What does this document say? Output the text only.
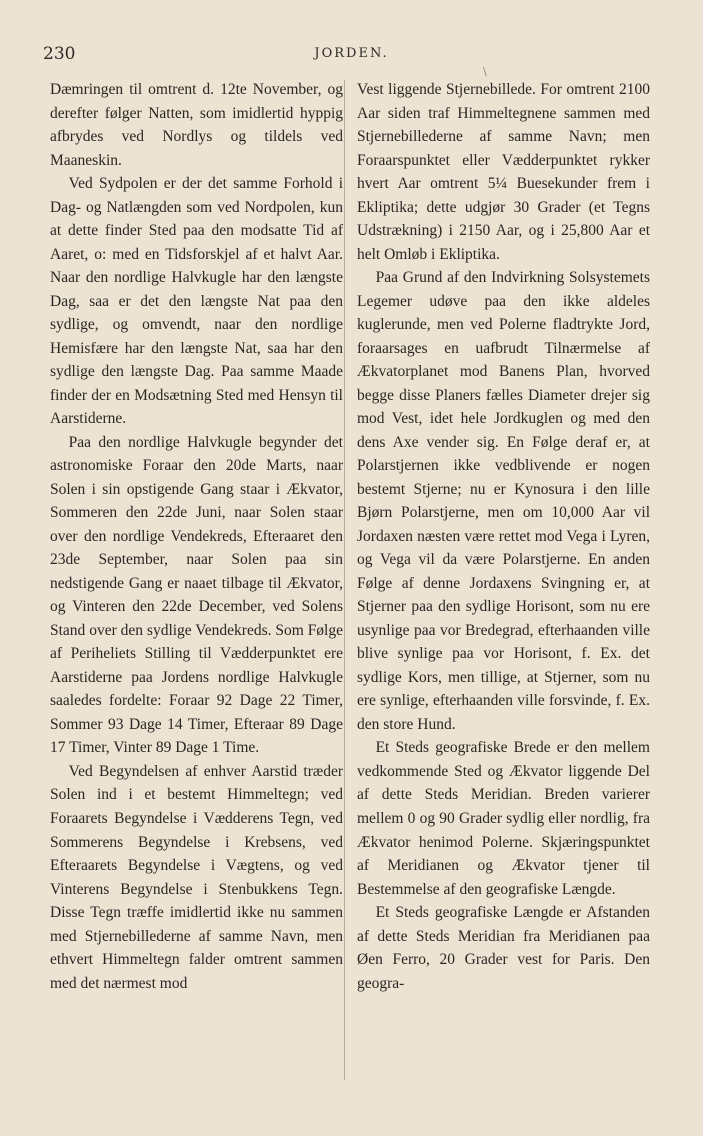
230	JORDEN.
\

Dæmringen til omtrent d. 12te November, og derefter følger Natten, som imidlertid hyppig afbrydes ved Nordlys og tildels ved Maaneskin.

Ved Sydpolen er der det samme Forhold i Dag- og Natlængden som ved Nordpolen, kun at dette finder Sted paa den modsatte Tid af Aaret, o: med en Tidsforskjel af et halvt Aar. Naar den nordlige Halvkugle har den længste Dag, saa er det den længste Nat paa den sydlige, og omvendt, naar den nordlige Hemisfære har den længste Nat, saa har den sydlige den længste Dag. Paa samme Maade finder der en Modsætning Sted med Hensyn til Aarstiderne.

Paa den nordlige Halvkugle begynder det astronomiske Foraar den 20de Marts, naar Solen i sin opstigende Gang staar i Ækvator, Sommeren den 22de Juni, naar Solen staar over den nordlige Vendekreds, Efteraaret den 23de September, naar Solen paa sin nedstigende Gang er naaet tilbage til Ækvator, og Vinteren den 22de December, ved Solens Stand over den sydlige Vendekreds. Som Følge af Periheliets Stilling til Vædderpunktet ere Aarstiderne paa Jordens nordlige Halvkugle saaledes fordelte: Foraar 92 Dage 22 Timer, Sommer 93 Dage 14 Timer, Efteraar 89 Dage 17 Timer, Vinter 89 Dage 1 Time.

Ved Begyndelsen af enhver Aarstid træder Solen ind i et bestemt Himmeltegn; ved Foraarets Begyndelse i Vædderens Tegn, ved Sommerens Begyndelse i Krebsens, ved Efteraarets Begyndelse i Vægtens, og ved Vinterens Begyndelse i Stenbukkens Tegn. Disse Tegn træffe imidlertid ikke nu sammen med Stjernebillederne af samme Navn, men ethvert Himmeltegn falder omtrent sammen med det nærmest mod

Vest liggende Stjernebillede. For omtrent 2100 Aar siden traf Himmeltegnene sammen med Stjernebillederne af samme Navn; men Foraarspunktet eller Vædderpunktet rykker hvert Aar omtrent 5¼ Buesekunder frem i Ekliptika; dette udgjør 30 Grader (et Tegns Udstrækning) i 2150 Aar, og i 25,800 Aar et helt Omløb i Ekliptika.

Paa Grund af den Indvirkning Solsystemets Legemer udøve paa den ikke aldeles kuglerunde, men ved Polerne fladtrykte Jord, foraarsages en uafbrudt Tilnærmelse af Ækvatorplanet mod Banens Plan, hvorved begge disse Planers fælles Diameter drejer sig mod Vest, idet hele Jordkuglen og med den dens Axe vender sig. En Følge deraf er, at Polarstjernen ikke vedblivende er nogen bestemt Stjerne; nu er Kynosura i den lille Bjørn Polarstjerne, men om 10,000 Aar vil Jordaxen næsten være rettet mod Vega i Lyren, og Vega vil da være Polarstjerne. En anden Følge af denne Jordaxens Svingning er, at Stjerner paa den sydlige Horisont, som nu ere usynlige paa vor Bredegrad, efterhaanden ville blive synlige paa vor Horisont, f. Ex. det sydlige Kors, men tillige, at Stjerner, som nu ere synlige, efterhaanden ville forsvinde, f. Ex. den store Hund.

Et Steds geografiske Brede er den mellem vedkommende Sted og Ækvator liggende Del af dette Steds Meridian. Breden varierer mellem 0 og 90 Grader sydlig eller nordlig, fra Ækvator henimod Polerne. Skjæringspunktet af Meridianen og Ækvator tjener til Bestemmelse af den geografiske Længde.

Et Steds geografiske Længde er Afstanden af dette Steds Meridian fra Meridianen paa Øen Ferro, 20 Grader vest for Paris. Den geogra-
